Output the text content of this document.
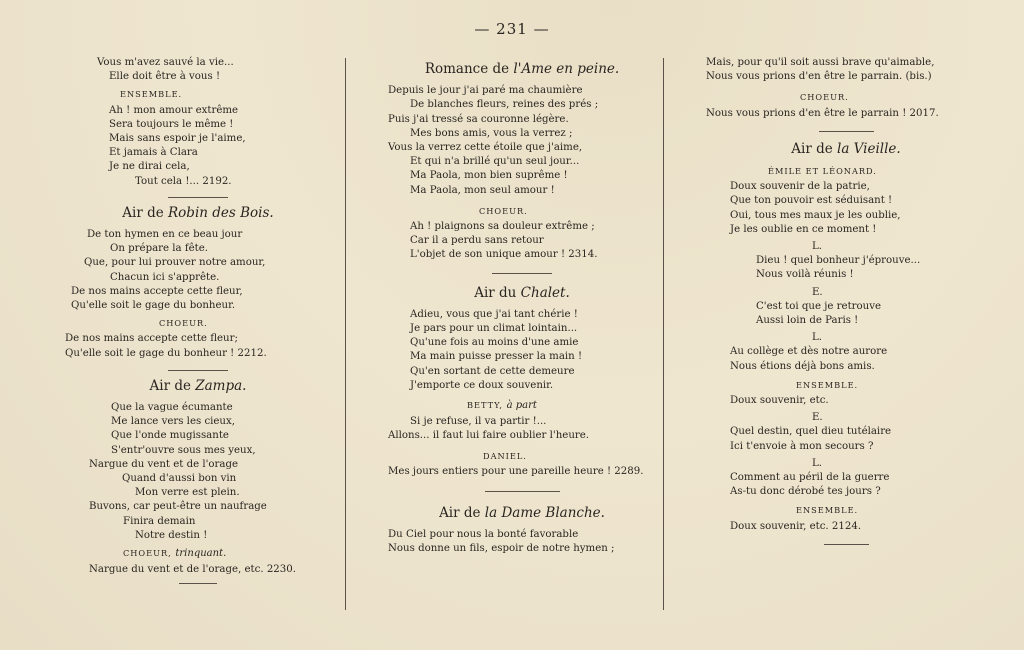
— 231 —
Vous m'avez sauvé la vie...
Elle doit être à vous !
ENSEMBLE.
Ah ! mon amour extrême
Sera toujours le même !
Mais sans espoir je l'aime,
Et jamais à Clara
Je ne dirai cela,
Tout cela !... 2192.
Air de Robin des Bois.
De ton hymen en ce beau jour
On prépare la fête.
Que, pour lui prouver notre amour,
Chacun ici s'apprête.
De nos mains accepte cette fleur,
Qu'elle soit le gage du bonheur.
CHOEUR.
De nos mains accepte cette fleur;
Qu'elle soit le gage du bonheur ! 2212.
Air de Zampa.
Que la vague écumante
Me lance vers les cieux,
Que l'onde mugissante
S'entr'ouvre sous mes yeux,
Nargue du vent et de l'orage
Quand d'aussi bon vin
Mon verre est plein.
Buvons, car peut-être un naufrage
Finira demain
Notre destin !
CHOEUR, trinquant.
Nargue du vent et de l'orage, etc. 2230.
Romance de l'Ame en peine.
Depuis le jour j'ai paré ma chaumière
De blanches fleurs, reines des prés ;
Puis j'ai tressé sa couronne légère.
Mes bons amis, vous la verrez ;
Vous la verrez cette étoile que j'aime,
Et qui n'a brillé qu'un seul jour...
Ma Paola, mon bien suprême !
Ma Paola, mon seul amour !
CHOEUR.
Ah ! plaignons sa douleur extrême ;
Car il a perdu sans retour
L'objet de son unique amour ! 2314.
Air du Chalet.
Adieu, vous que j'ai tant chérie !
Je pars pour un climat lointain...
Qu'une fois au moins d'une amie
Ma main puisse presser la main !
Qu'en sortant de cette demeure
J'emporte ce doux souvenir.
BETTY, à part
Si je refuse, il va partir !...
Allons... il faut lui faire oublier l'heure.
DANIEL.
Mes jours entiers pour une pareille heure ! 2289.
Air de la Dame Blanche.
Du Ciel pour nous la bonté favorable
Nous donne un fils, espoir de notre hymen ;
Mais, pour qu'il soit aussi brave qu'aimable,
Nous vous prions d'en être le parrain. (bis.)
CHOEUR.
Nous vous prions d'en être le parrain ! 2017.
Air de la Vieille.
ÉMILE ET LÉONARD.
Doux souvenir de la patrie,
Que ton pouvoir est séduisant !
Oui, tous mes maux je les oublie,
Je les oublie en ce moment !
L.
Dieu ! quel bonheur j'éprouve...
Nous voilà réunis !
E.
C'est toi que je retrouve
Aussi loin de Paris !
L.
Au collège et dès notre aurore
Nous étions déjà bons amis.
ENSEMBLE.
Doux souvenir, etc.
E.
Quel destin, quel dieu tutélaire
Ici t'envoie à mon secours ?
L.
Comment au péril de la guerre
As-tu donc dérobé tes jours ?
ENSEMBLE.
Doux souvenir, etc. 2124.
